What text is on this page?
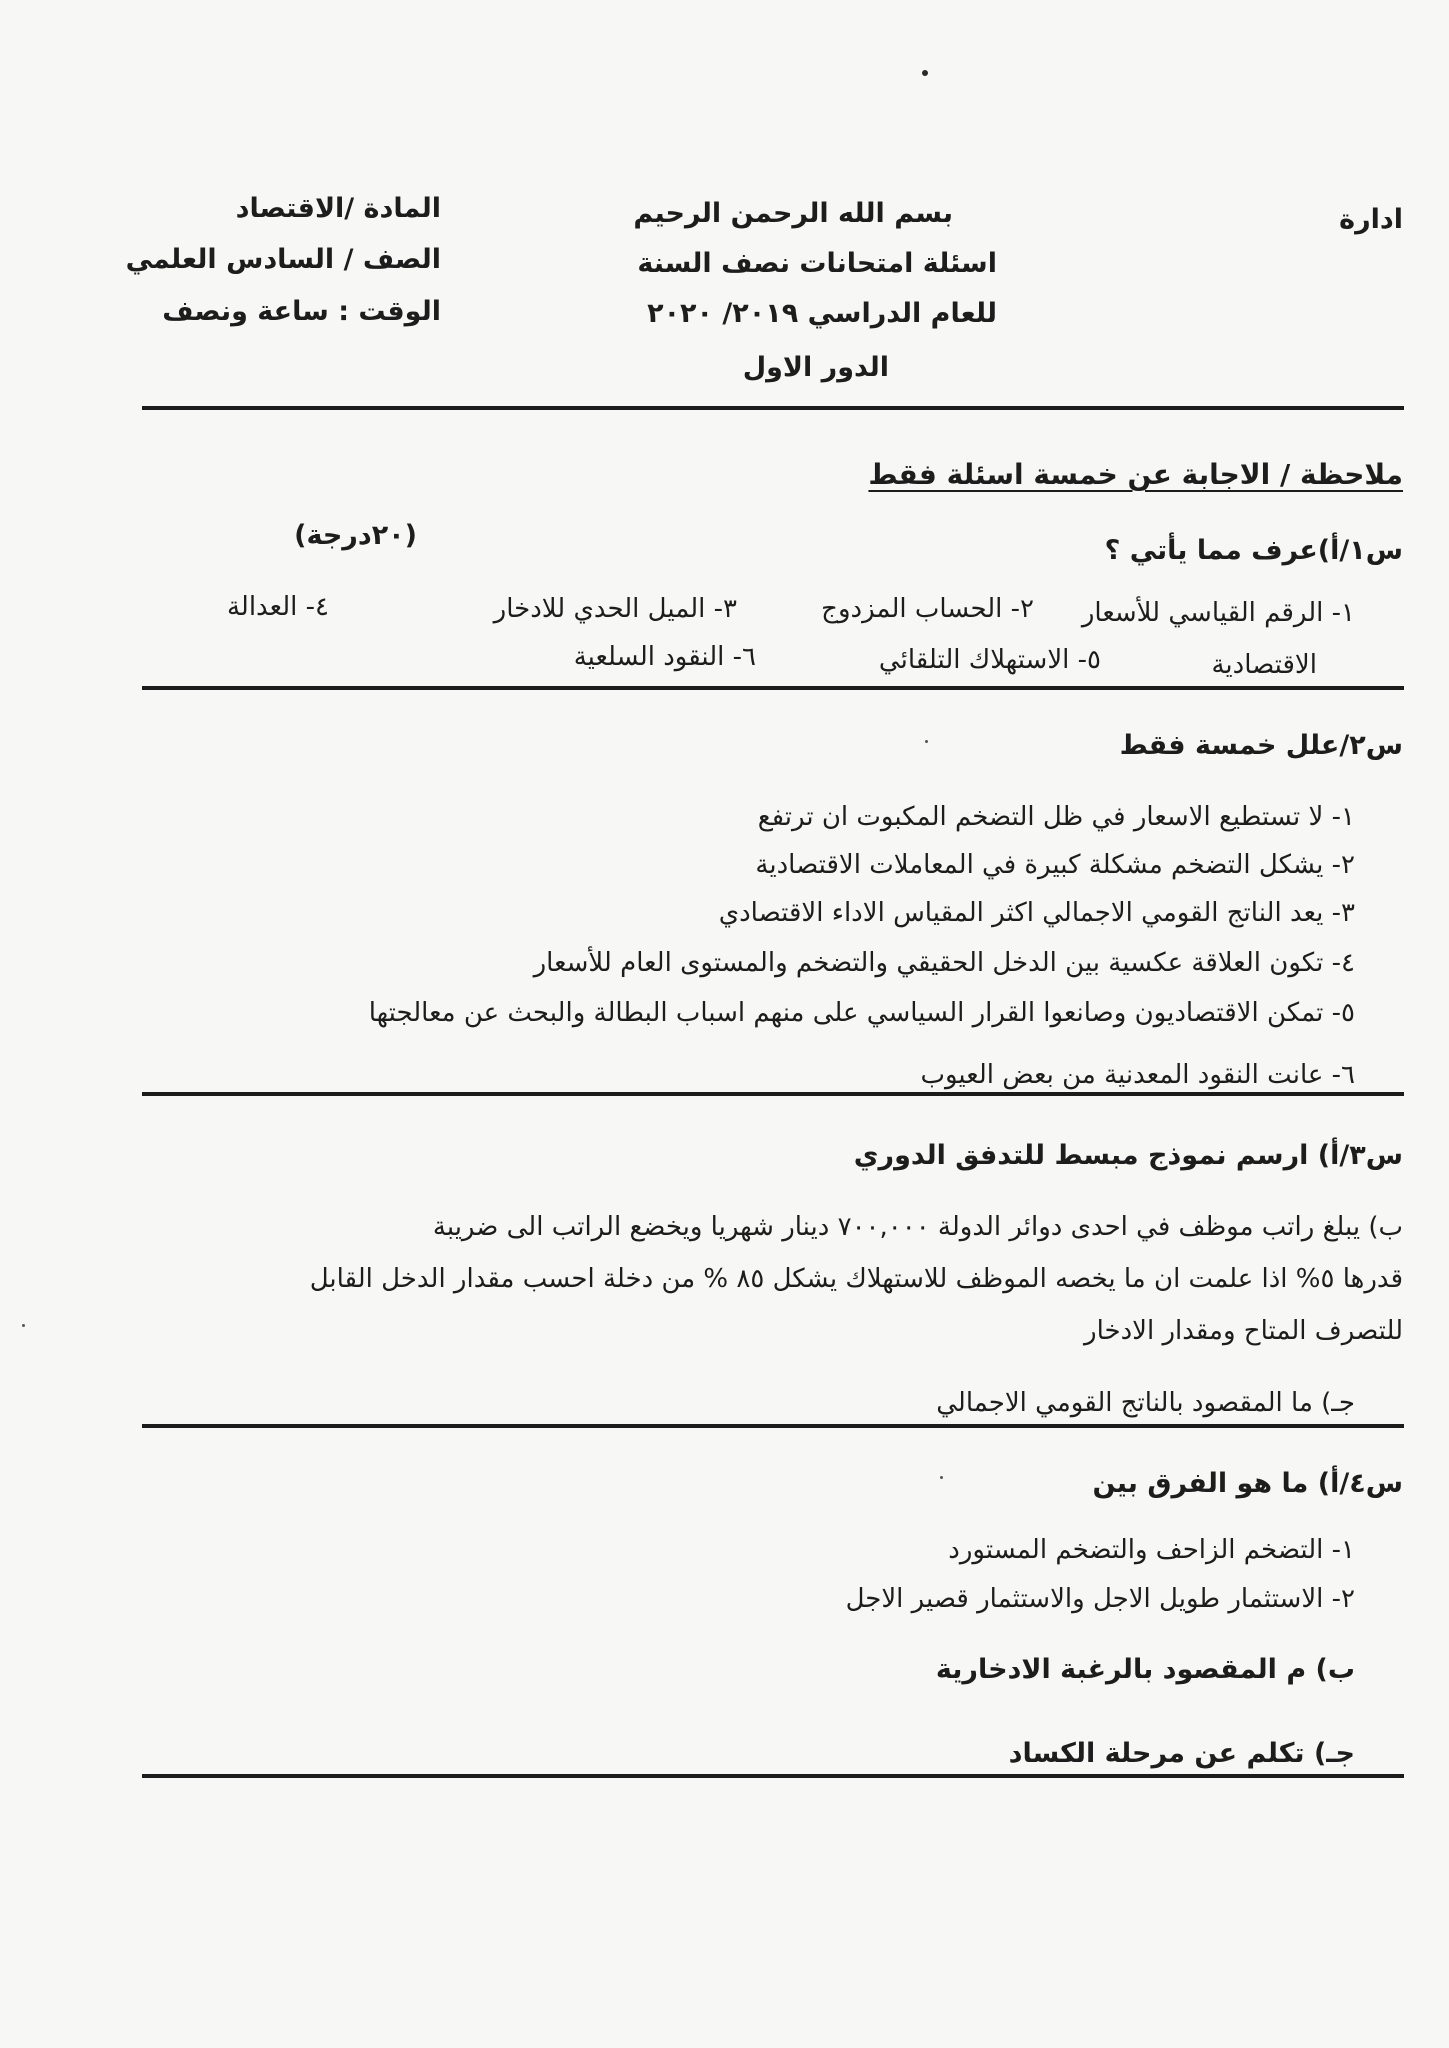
ادارة
بسم الله الرحمن الرحيم
اسئلة امتحانات نصف السنة
للعام الدراسي ٢٠١٩/ ٢٠٢٠
الدور الاول
المادة /الاقتصاد
الصف / السادس العلمي
الوقت : ساعة ونصف
ملاحظة / الاجابة عن خمسة اسئلة فقط
س١/أ)عرف مما يأتي ؟
(٢٠درجة)
١- الرقم القياسي للأسعار
٢- الحساب المزدوج
٣- الميل الحدي للادخار
٤- العدالة
الاقتصادية
٥- الاستهلاك التلقائي
٦- النقود السلعية
س٢/علل خمسة فقط
١- لا تستطيع الاسعار في ظل التضخم المكبوت ان ترتفع
٢- يشكل التضخم مشكلة كبيرة في المعاملات الاقتصادية
٣- يعد الناتج القومي الاجمالي اكثر المقياس الاداء الاقتصادي
٤- تكون العلاقة عكسية بين الدخل الحقيقي والتضخم والمستوى العام للأسعار
٥- تمكن الاقتصاديون وصانعوا القرار السياسي على منهم اسباب البطالة والبحث عن معالجتها
٦- عانت النقود المعدنية من بعض العيوب
س٣/أ) ارسم نموذج مبسط للتدفق الدوري
ب) يبلغ راتب موظف في احدى دوائر الدولة ٧٠٠,٠٠٠ دينار شهريا ويخضع الراتب الى ضريبة
قدرها ٥% اذا علمت ان ما يخصه الموظف للاستهلاك يشكل ٨٥ % من دخلة احسب مقدار الدخل القابل
للتصرف المتاح ومقدار الادخار
جـ) ما المقصود بالناتج القومي الاجمالي
س٤/أ) ما هو الفرق بين
١- التضخم الزاحف والتضخم المستورد
٢- الاستثمار طويل الاجل والاستثمار قصير الاجل
ب) م المقصود بالرغبة الادخارية
جـ) تكلم عن مرحلة الكساد
